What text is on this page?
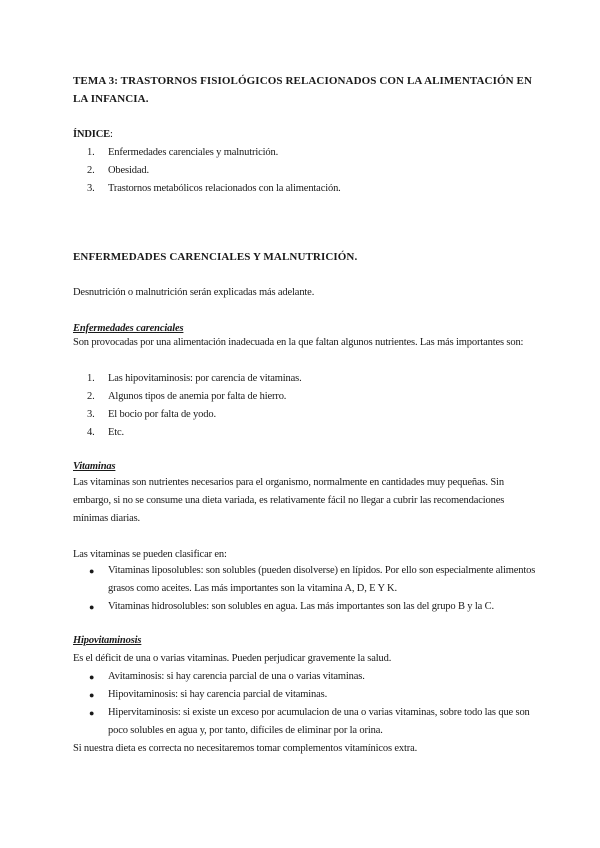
TEMA 3: TRASTORNOS FISIOLÓGICOS RELACIONADOS CON LA ALIMENTACIÓN EN LA INFANCIA.

ÍNDICE:

1. Enfermedades carenciales y malnutrición.
2. Obesidad.
3. Trastornos metabólicos relacionados con la alimentación.

ENFERMEDADES CARENCIALES Y MALNUTRICIÓN.

Desnutrición o malnutrición serán explicadas más adelante.

Enfermedades carenciales

Son provocadas por una alimentación inadecuada en la que faltan algunos nutrientes. Las más importantes son:

1. Las hipovitaminosis: por carencia de vitaminas.
2. Algunos tipos de anemia por falta de hierro.
3. El bocio por falta de yodo.
4. Etc.

Vitaminas

Las vitaminas son nutrientes necesarios para el organismo, normalmente en cantidades muy pequeñas. Sin embargo, si no se consume una dieta variada, es relativamente fácil no llegar a cubrir las recomendaciones mínimas diarias.

Las vitaminas se pueden clasificar en:

● Vitaminas liposolubles: son solubles (pueden disolverse) en lípidos. Por ello son especialmente alimentos grasos como aceites. Las más importantes son la vitamina A, D, E Y K.
● Vitaminas hidrosolubles: son solubles en agua. Las más importantes son las del grupo B y la C.

Hipovitaminosis

Es el déficit de una o varias vitaminas. Pueden perjudicar gravemente la salud.

● Avitaminosis: si hay carencia parcial de una o varias vitaminas.
● Hipovitaminosis: si hay carencia parcial de vitaminas.
● Hipervitaminosis: si existe un exceso por acumulacion de una o varias vitaminas, sobre todo las que son poco solubles en agua y, por tanto, difíciles de eliminar por la orina.

Si nuestra dieta es correcta no necesitaremos tomar complementos vitamínicos extra.
